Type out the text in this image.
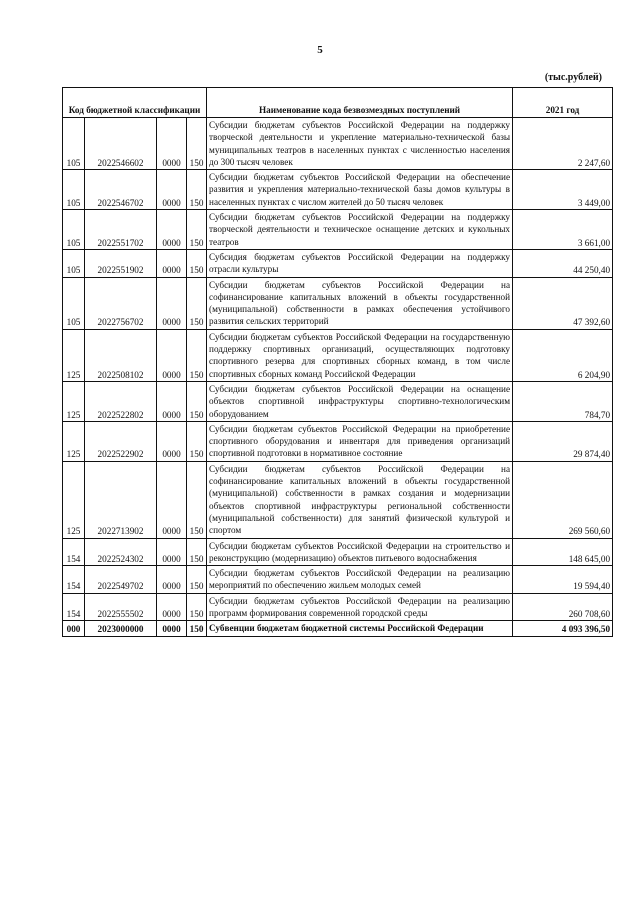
5
(тыс.рублей)
Код бюджетной классификации				Наименование кода безвозмездных поступлений	2021 год
105	2022546602	0000	150	Субсидии бюджетам субъектов Российской Федерации на поддержку творческой деятельности и укрепление материально-технической базы муниципальных театров в населенных пунктах с численностью населения до 300 тысяч человек	2 247,60
105	2022546702	0000	150	Субсидии бюджетам субъектов Российской Федерации на обеспечение развития и укрепления материально-технической базы домов культуры в населенных пунктах с числом жителей до 50 тысяч человек	3 449,00
105	2022551702	0000	150	Субсидии бюджетам субъектов Российской Федерации на поддержку творческой деятельности и техническое оснащение детских и кукольных театров	3 661,00
105	2022551902	0000	150	Субсидия бюджетам субъектов Российской Федерации на поддержку отрасли культуры	44 250,40
105	2022756702	0000	150	Субсидии бюджетам субъектов Российской Федерации на софинансирование капитальных вложений в объекты государственной (муниципальной) собственности в рамках обеспечения устойчивого развития сельских территорий	47 392,60
125	2022508102	0000	150	Субсидии бюджетам субъектов Российской Федерации на государственную поддержку спортивных организаций, осуществляющих подготовку спортивного резерва для спортивных сборных команд, в том числе спортивных сборных команд Российской Федерации	6 204,90
125	2022522802	0000	150	Субсидии бюджетам субъектов Российской Федерации на оснащение объектов спортивной инфраструктуры спортивно-технологическим оборудованием	784,70
125	2022522902	0000	150	Субсидии бюджетам субъектов Российской Федерации на приобретение спортивного оборудования и инвентаря для приведения организаций спортивной подготовки в нормативное состояние	29 874,40
125	2022713902	0000	150	Субсидии бюджетам субъектов Российской Федерации на софинансирование капитальных вложений в объекты государственной (муниципальной) собственности в рамках создания и модернизации объектов спортивной инфраструктуры региональной собственности (муниципальной собственности) для занятий физической культурой и спортом	269 560,60
154	2022524302	0000	150	Субсидии бюджетам субъектов Российской Федерации на строительство и реконструкцию (модернизацию) объектов питьевого водоснабжения	148 645,00
154	2022549702	0000	150	Субсидии бюджетам субъектов Российской Федерации на реализацию мероприятий по обеспечению жильем молодых семей	19 594,40
154	2022555502	0000	150	Субсидии бюджетам субъектов Российской Федерации на реализацию программ формирования современной городской среды	260 708,60
000	2023000000	0000	150	Субвенции бюджетам бюджетной системы Российской Федерации	4 093 396,50
